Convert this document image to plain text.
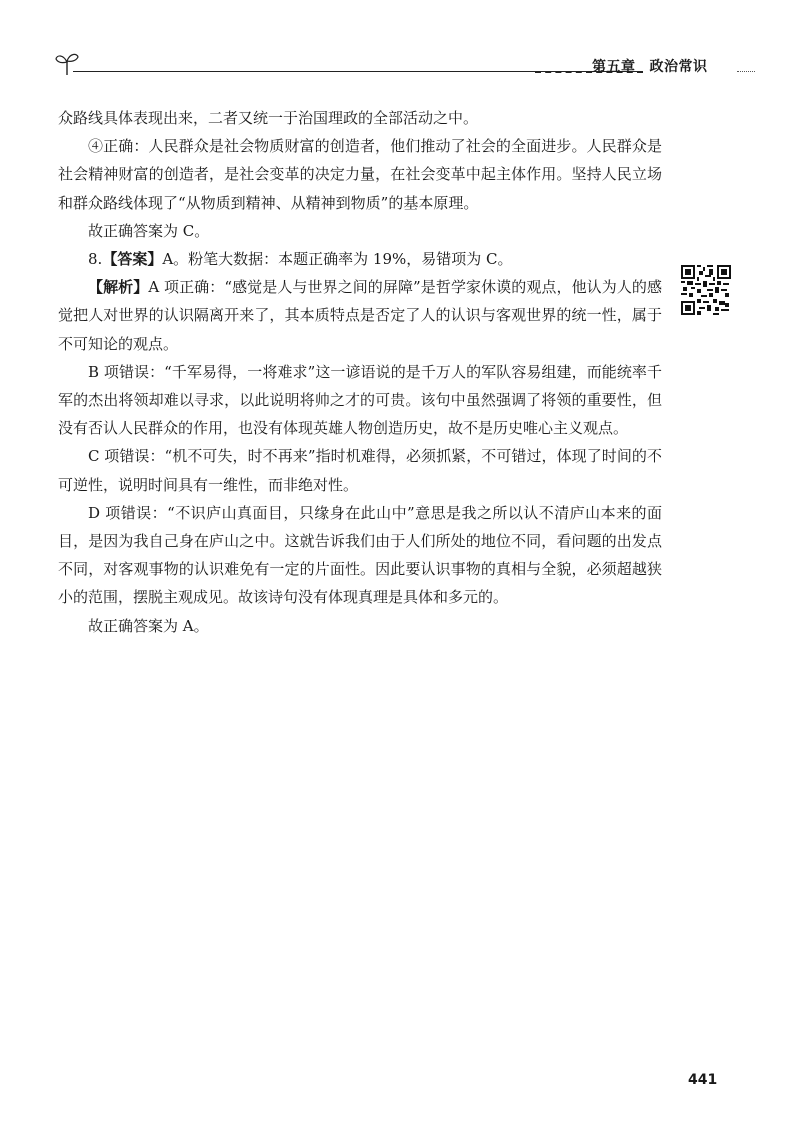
第五章 政治常识

众路线具体表现出来，二者又统一于治国理政的全部活动之中。

④正确：人民群众是社会物质财富的创造者，他们推动了社会的全面进步。人民群众是社会精神财富的创造者，是社会变革的决定力量，在社会变革中起主体作用。坚持人民立场和群众路线体现了“从物质到精神、从精神到物质”的基本原理。

故正确答案为 C。

8.【答案】A。粉笔大数据：本题正确率为 19%，易错项为 C。

【解析】A 项正确：“感觉是人与世界之间的屏障”是哲学家休谟的观点，他认为人的感觉把人对世界的认识隔离开来了，其本质特点是否定了人的认识与客观世界的统一性，属于不可知论的观点。

B 项错误：“千军易得，一将难求”这一谚语说的是千万人的军队容易组建，而能统率千军的杰出将领却难以寻求，以此说明将帅之才的可贵。该句中虽然强调了将领的重要性，但没有否认人民群众的作用，也没有体现英雄人物创造历史，故不是历史唯心主义观点。

C 项错误：“机不可失，时不再来”指时机难得，必须抓紧，不可错过，体现了时间的不可逆性，说明时间具有一维性，而非绝对性。

D 项错误：“不识庐山真面目，只缘身在此山中”意思是我之所以认不清庐山本来的面目，是因为我自己身在庐山之中。这就告诉我们由于人们所处的地位不同，看问题的出发点不同，对客观事物的认识难免有一定的片面性。因此要认识事物的真相与全貌，必须超越狭小的范围，摆脱主观成见。故该诗句没有体现真理是具体和多元的。

故正确答案为 A。

441
